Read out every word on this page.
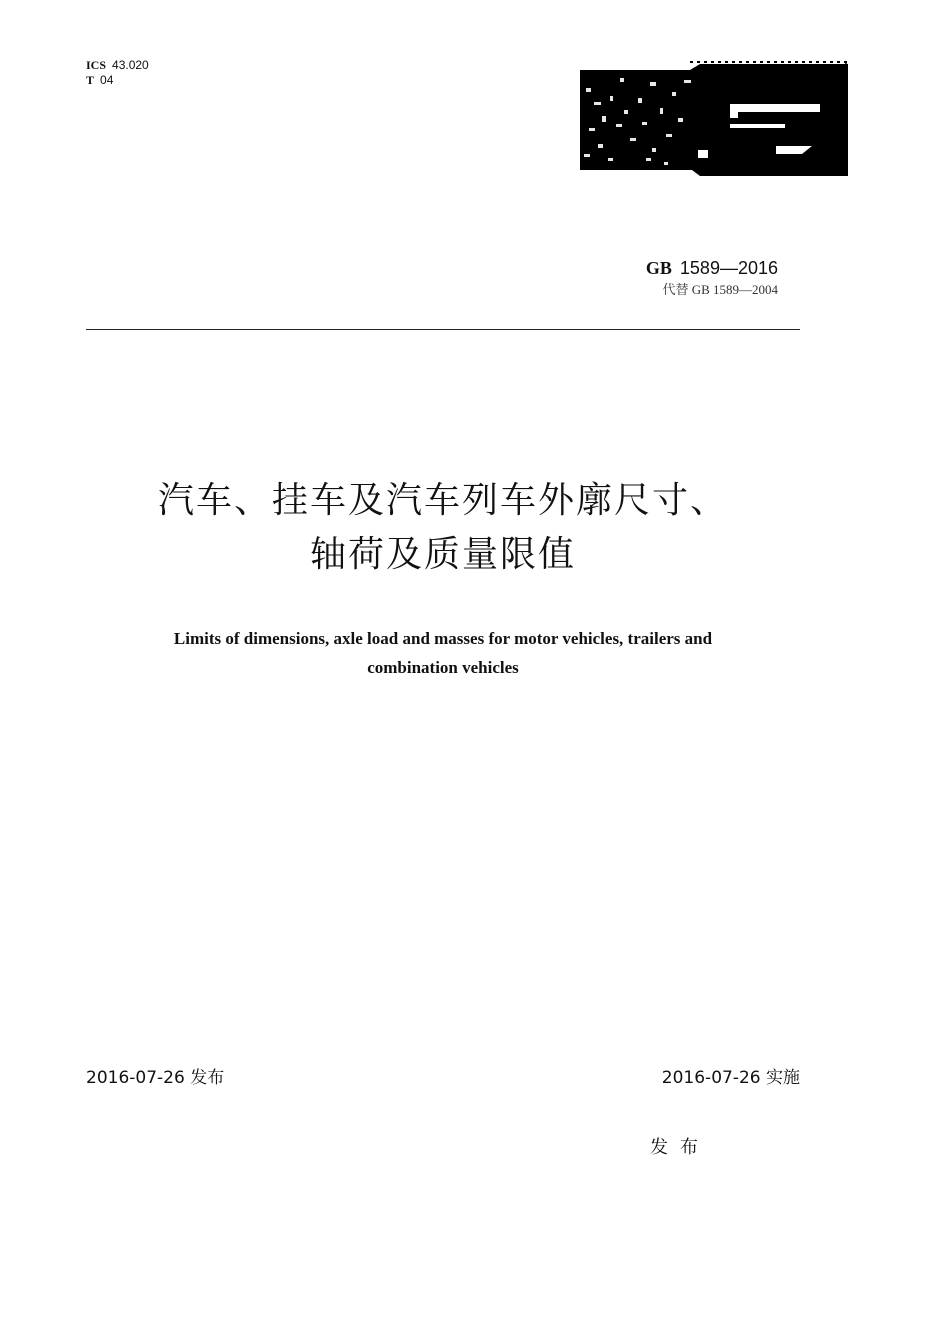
ICS 43.020
T 04
GB 1589—2016
代替 GB 1589—2004
汽车、挂车及汽车列车外廓尺寸、
轴荷及质量限值
Limits of dimensions, axle load and masses for motor vehicles, trailers and
combination vehicles
2016-07-26 发布	2016-07-26 实施
发布
